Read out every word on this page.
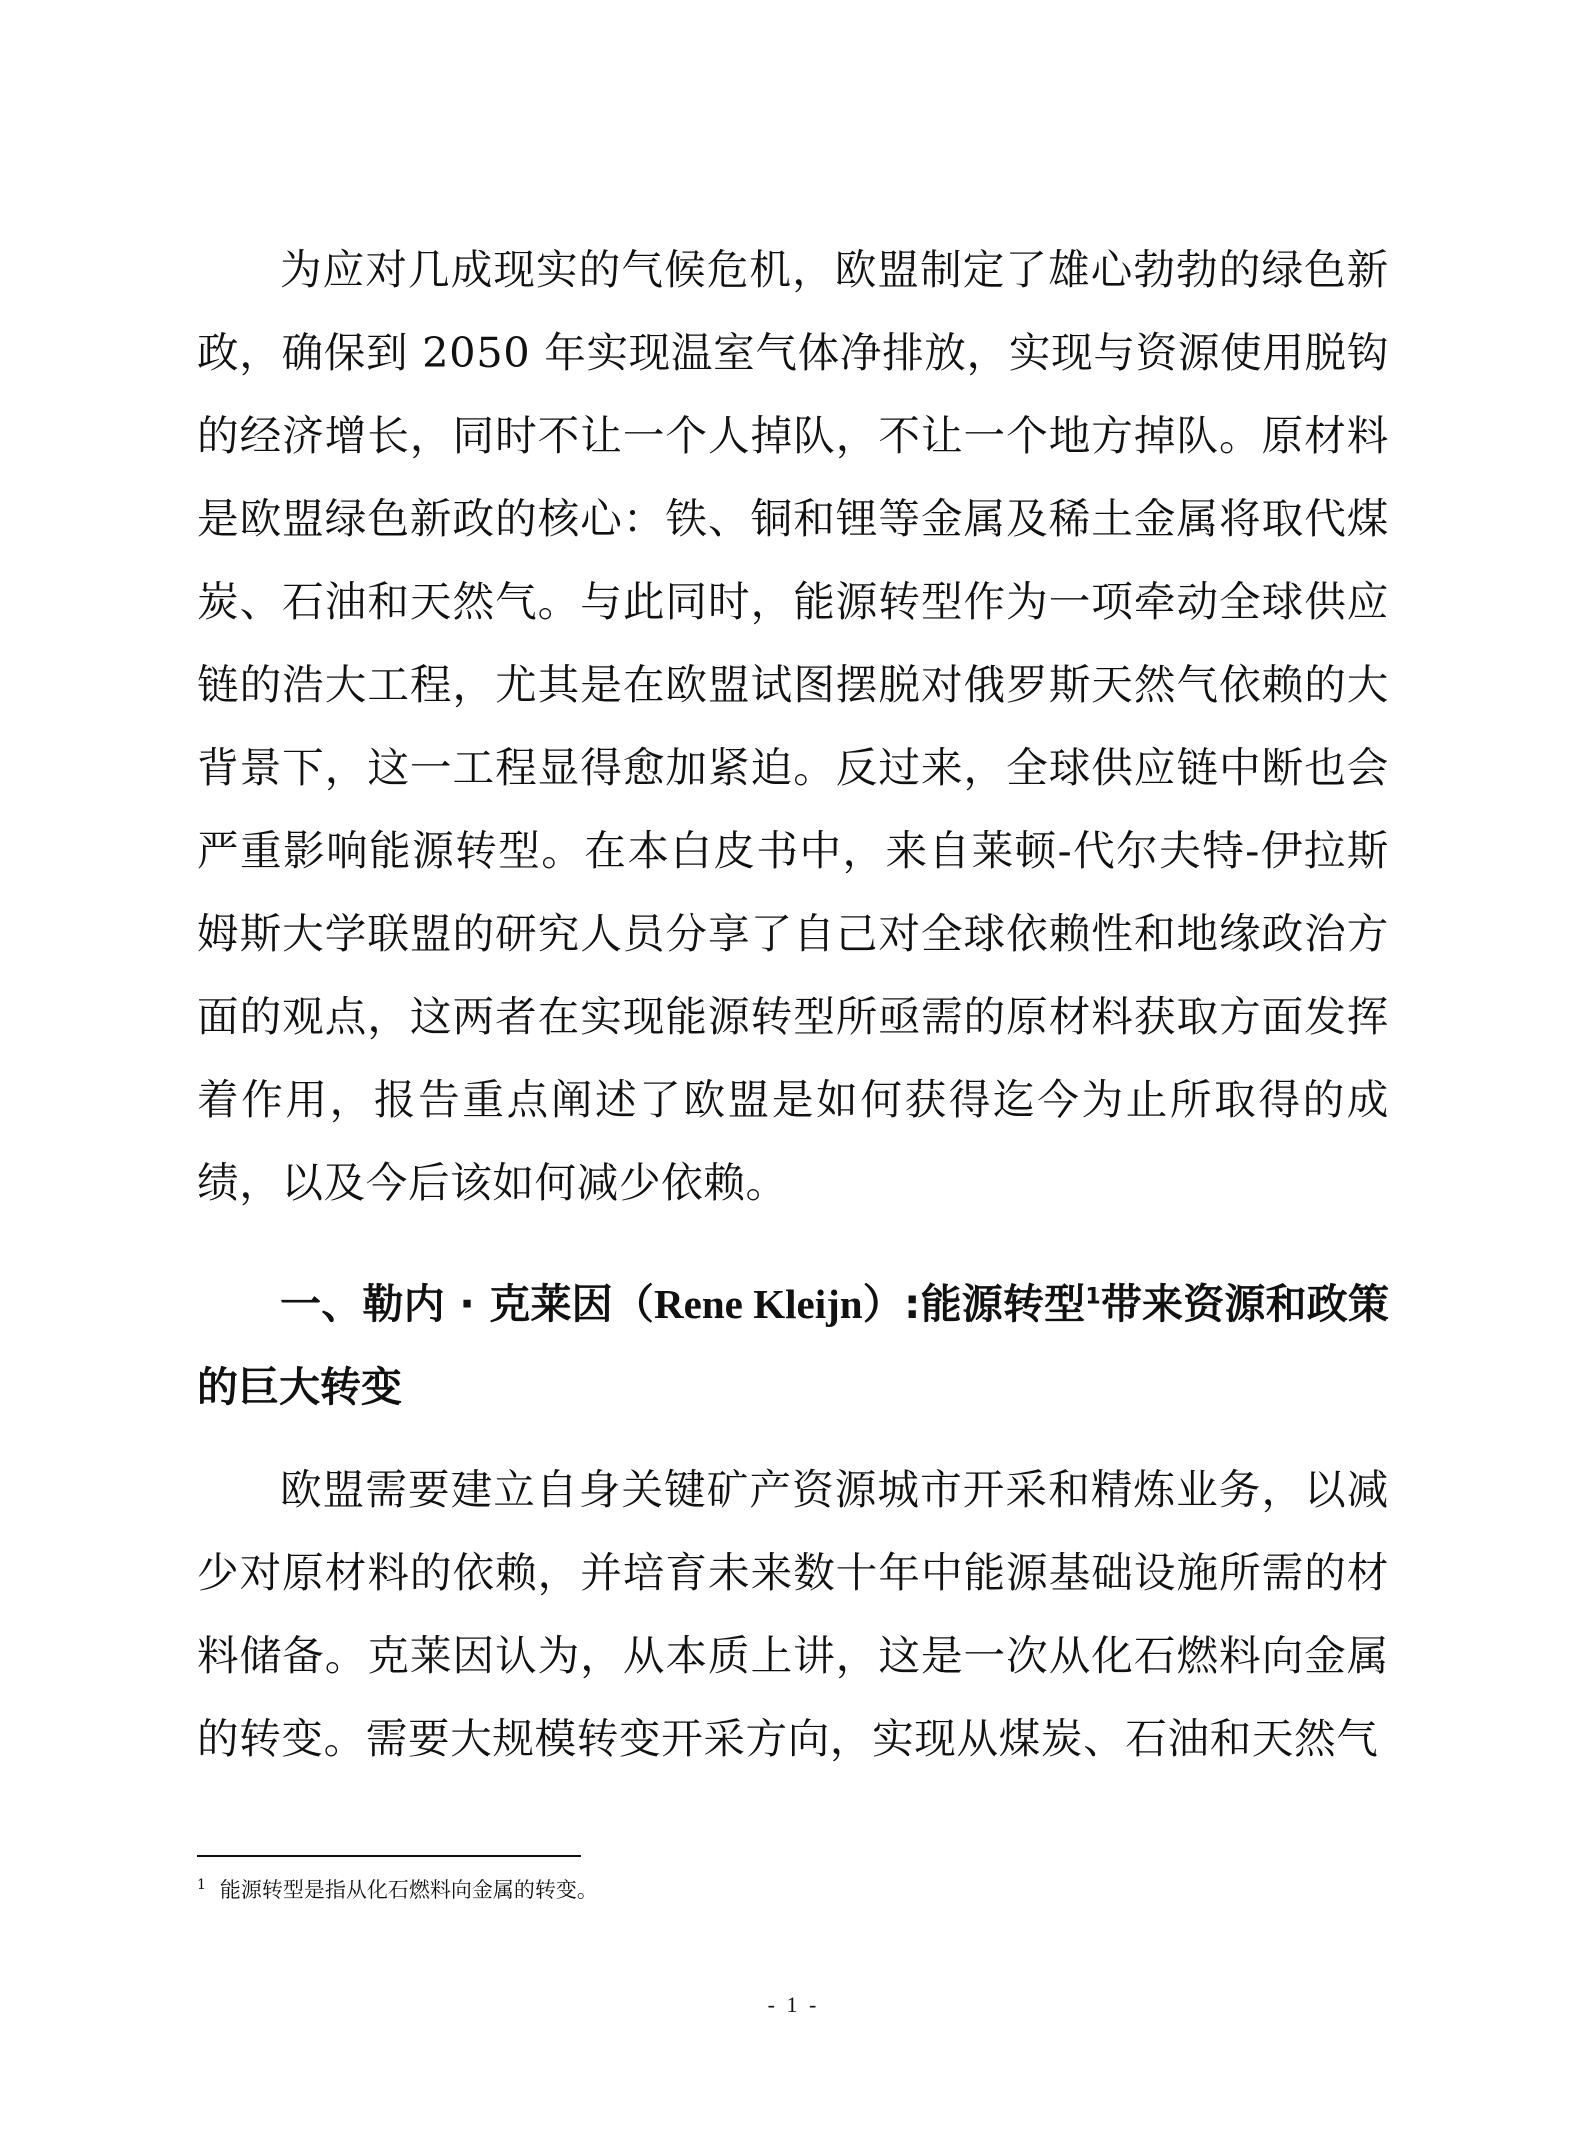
为应对几成现实的气候危机，欧盟制定了雄心勃勃的绿色新政，确保到 2050 年实现温室气体净排放，实现与资源使用脱钩的经济增长，同时不让一个人掉队，不让一个地方掉队。原材料是欧盟绿色新政的核心：铁、铜和锂等金属及稀土金属将取代煤炭、石油和天然气。与此同时，能源转型作为一项牵动全球供应链的浩大工程，尤其是在欧盟试图摆脱对俄罗斯天然气依赖的大背景下，这一工程显得愈加紧迫。反过来，全球供应链中断也会严重影响能源转型。在本白皮书中，来自莱顿-代尔夫特-伊拉斯姆斯大学联盟的研究人员分享了自己对全球依赖性和地缘政治方面的观点，这两者在实现能源转型所亟需的原材料获取方面发挥着作用，报告重点阐述了欧盟是如何获得迄今为止所取得的成绩，以及今后该如何减少依赖。

一、勒内 · 克莱因（Rene Kleijn）:能源转型$^1$带来资源和政策的巨大转变

欧盟需要建立自身关键矿产资源城市开采和精炼业务，以减少对原材料的依赖，并培育未来数十年中能源基础设施所需的材料储备。克莱因认为，从本质上讲，这是一次从化石燃料向金属的转变。需要大规模转变开采方向，实现从煤炭、石油和天然气

$^1$ 能源转型是指从化石燃料向金属的转变。

- 1 -
